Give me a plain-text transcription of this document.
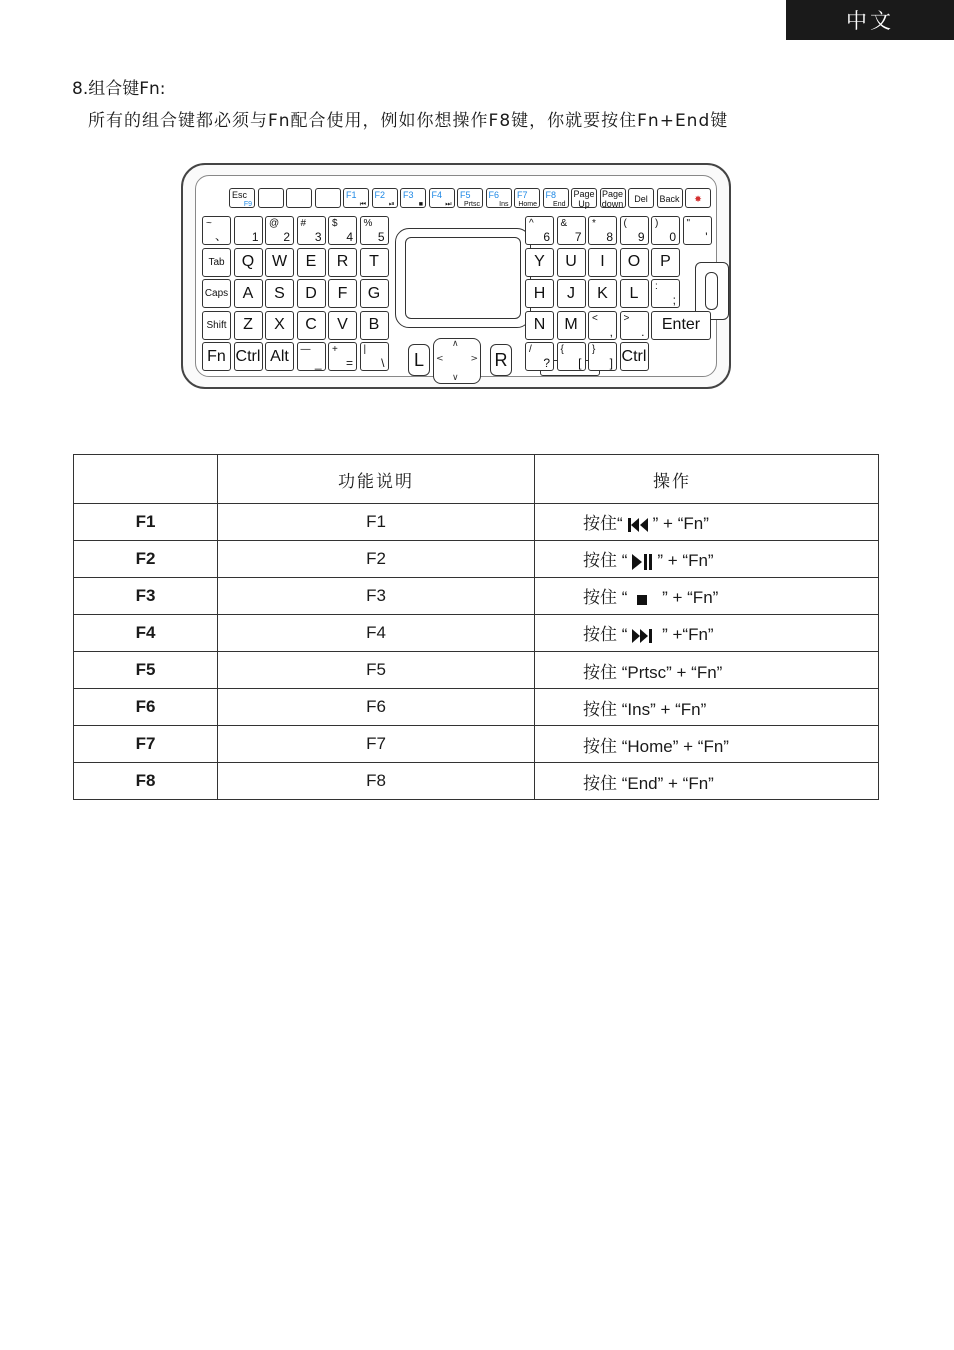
中文
8.组合键Fn:
所有的组合键都必须与Fn配合使用，例如你想操作F8键，你就要按住Fn+End键
∧
∨
<	>
L	R
Esc
F9
F1
⏮
F2
⏯
F3
■
F4
⏭
F5
Prtsc
F6
Ins
F7
Home
F8
End
Page
Up
Page
down Del Back ✸
~
、 1
@
2
#
3
$
4
%
5
Tab	Q	W	E	R	T
Caps A	S	D	F	G
Shift	Z	X	C	V	B
Fn Ctrl Alt	—
_
+
=
|
\
^
6
&
7
*
8
(
9
)
0
"
'
Y	U	I	O	P
H	J	K	L	:
;
N	M	<
,
>
.	Enter
/
?
{
[
}
] Ctrl
	功能说明	操作
F1	F1	按住“ ” + “Fn”
F2	F2	按住 “ ” + “Fn”
F3	F3	按住 “ ” + “Fn”
F4	F4	按住 “ ” +“Fn”
F5	F5	按住 “Prtsc” + “Fn”
F6	F6	按住 “Ins” + “Fn”
F7	F7	按住 “Home” + “Fn”
F8	F8	按住 “End” + “Fn”
